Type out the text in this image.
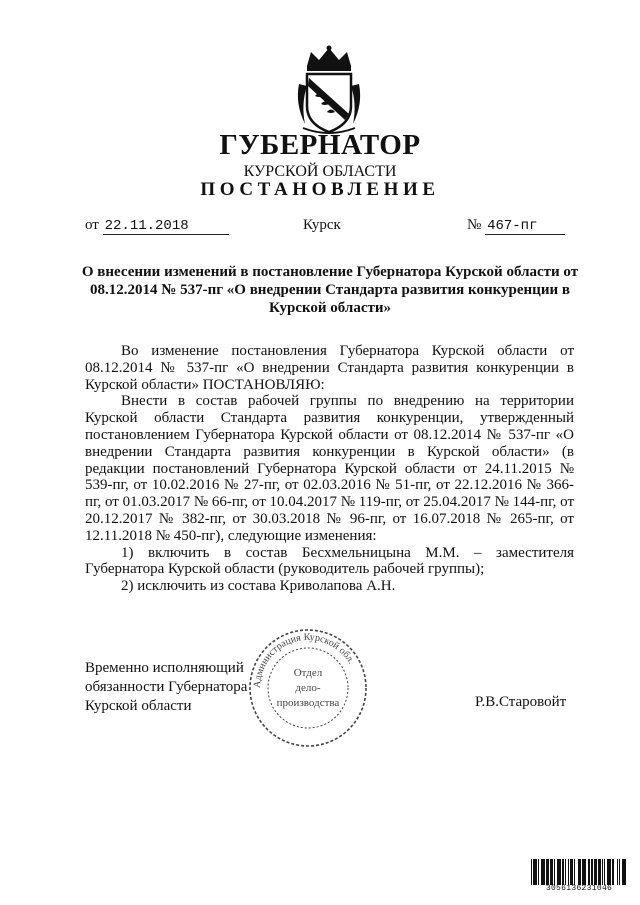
ГУБЕРНАТОР
КУРСКОЙ ОБЛАСТИ
ПОСТАНОВЛЕНИЕ
от 22.11.2018	Курск	№ 467-пг
О внесении изменений в постановление Губернатора Курской области от 08.12.2014 № 537-пг «О внедрении Стандарта развития конкуренции в Курской области»

Во изменение постановления Губернатора Курской области от 08.12.2014 № 537-пг «О внедрении Стандарта развития конкуренции в Курской области» ПОСТАНОВЛЯЮ:

Внести в состав рабочей группы по внедрению на территории Курской области Стандарта развития конкуренции, утвержденный постановлением Губернатора Курской области от 08.12.2014 № 537-пг «О внедрении Стандарта развития конкуренции в Курской области» (в редакции постановлений Губернатора Курской области от 24.11.2015 № 539-пг, от 10.02.2016 № 27-пг, от 02.03.2016 № 51-пг, от 22.12.2016 № 366-пг, от 01.03.2017 № 66-пг, от 10.04.2017 № 119-пг, от 25.04.2017 № 144-пг, от 20.12.2017 № 382-пг, от 30.03.2018 № 96-пг, от 16.07.2018 № 265-пг, от 12.11.2018 № 450-пг), следующие изменения:

1) включить в состав Бесхмельницына М.М. – заместителя Губернатора Курской области (руководитель рабочей группы);

2) исключить из состава Криволапова А.Н.

Временно исполняющий
обязанности Губернатора
Курской области	Р.В.Старовойт
Администрация Курской обл.
Отдел
дело-
производства
3056136231046
